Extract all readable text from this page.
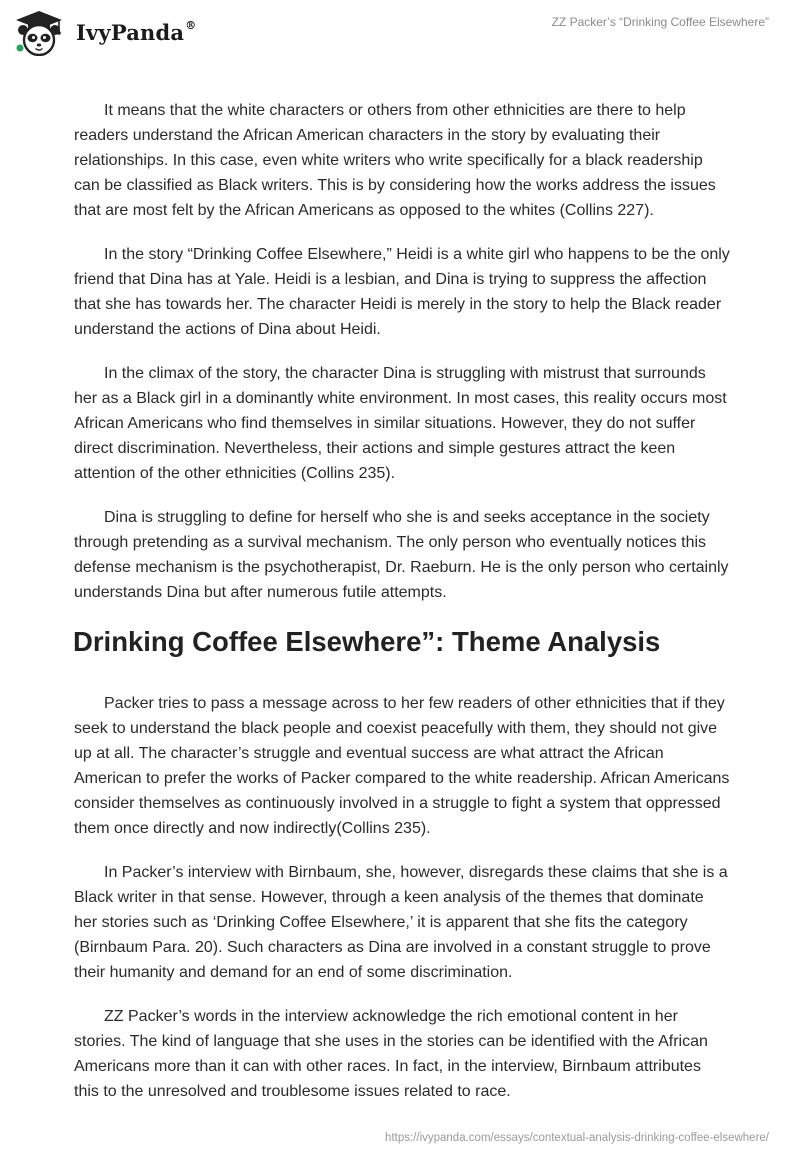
IvyPanda®	ZZ Packer’s “Drinking Coffee Elsewhere”

It means that the white characters or others from other ethnicities are there to help readers understand the African American characters in the story by evaluating their relationships. In this case, even white writers who write specifically for a black readership can be classified as Black writers. This is by considering how the works address the issues that are most felt by the African Americans as opposed to the whites (Collins 227).

In the story “Drinking Coffee Elsewhere,” Heidi is a white girl who happens to be the only friend that Dina has at Yale. Heidi is a lesbian, and Dina is trying to suppress the affection that she has towards her. The character Heidi is merely in the story to help the Black reader understand the actions of Dina about Heidi.

In the climax of the story, the character Dina is struggling with mistrust that surrounds her as a Black girl in a dominantly white environment. In most cases, this reality occurs most African Americans who find themselves in similar situations. However, they do not suffer direct discrimination. Nevertheless, their actions and simple gestures attract the keen attention of the other ethnicities (Collins 235).

Dina is struggling to define for herself who she is and seeks acceptance in the society through pretending as a survival mechanism. The only person who eventually notices this defense mechanism is the psychotherapist, Dr. Raeburn. He is the only person who certainly understands Dina but after numerous futile attempts.

Drinking Coffee Elsewhere”: Theme Analysis

Packer tries to pass a message across to her few readers of other ethnicities that if they seek to understand the black people and coexist peacefully with them, they should not give up at all. The character’s struggle and eventual success are what attract the African American to prefer the works of Packer compared to the white readership. African Americans consider themselves as continuously involved in a struggle to fight a system that oppressed them once directly and now indirectly(Collins 235).

In Packer’s interview with Birnbaum, she, however, disregards these claims that she is a Black writer in that sense. However, through a keen analysis of the themes that dominate her stories such as ‘Drinking Coffee Elsewhere,’ it is apparent that she fits the category (Birnbaum Para. 20). Such characters as Dina are involved in a constant struggle to prove their humanity and demand for an end of some discrimination.

ZZ Packer’s words in the interview acknowledge the rich emotional content in her stories. The kind of language that she uses in the stories can be identified with the African Americans more than it can with other races. In fact, in the interview, Birnbaum attributes this to the unresolved and troublesome issues related to race.

https://ivypanda.com/essays/contextual-analysis-drinking-coffee-elsewhere/
